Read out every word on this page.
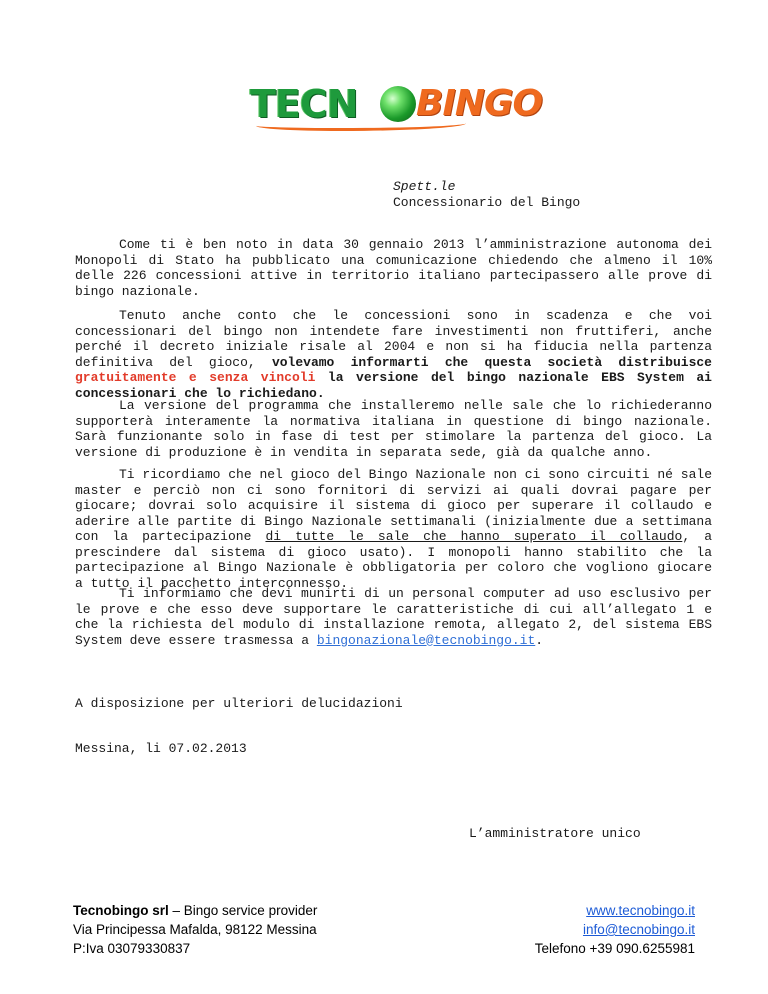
TECN BINGO
Spett.le
Concessionario del Bingo

Come ti è ben noto in data 30 gennaio 2013 l’amministrazione autonoma dei Monopoli di Stato ha pubblicato una comunicazione chiedendo che almeno il 10% delle 226 concessioni attive in territorio italiano partecipassero alle prove di bingo nazionale.

Tenuto anche conto che le concessioni sono in scadenza e che voi concessionari del bingo non intendete fare investimenti non fruttiferi, anche perché il decreto iniziale risale al 2004 e non si ha fiducia nella partenza definitiva del gioco, volevamo informarti che questa società distribuisce gratuitamente e senza vincoli la versione del bingo nazionale EBS System ai concessionari che lo richiedano.

La versione del programma che installeremo nelle sale che lo richiederanno supporterà interamente la normativa italiana in questione di bingo nazionale. Sarà funzionante solo in fase di test per stimolare la partenza del gioco. La versione di produzione è in vendita in separata sede, già da qualche anno.

Ti ricordiamo che nel gioco del Bingo Nazionale non ci sono circuiti né sale master e perciò non ci sono fornitori di servizi ai quali dovrai pagare per giocare; dovrai solo acquisire il sistema di gioco per superare il collaudo e aderire alle partite di Bingo Nazionale settimanali (inizialmente due a settimana con la partecipazione di tutte le sale che hanno superato il collaudo, a prescindere dal sistema di gioco usato). I monopoli hanno stabilito che la partecipazione al Bingo Nazionale è obbligatoria per coloro che vogliono giocare a tutto il pacchetto interconnesso.

Ti informiamo che devi munirti di un personal computer ad uso esclusivo per le prove e che esso deve supportare le caratteristiche di cui all’allegato 1 e che la richiesta del modulo di installazione remota, allegato 2, del sistema EBS System deve essere trasmessa a bingonazionale@tecnobingo.it.

A disposizione per ulteriori delucidazioni
Messina, li 07.02.2013
L’amministratore unico
Tecnobingo srl – Bingo service provider
Via Principessa Mafalda, 98122 Messina
P:Iva 03079330837
www.tecnobingo.it
info@tecnobingo.it
Telefono +39 090.6255981
